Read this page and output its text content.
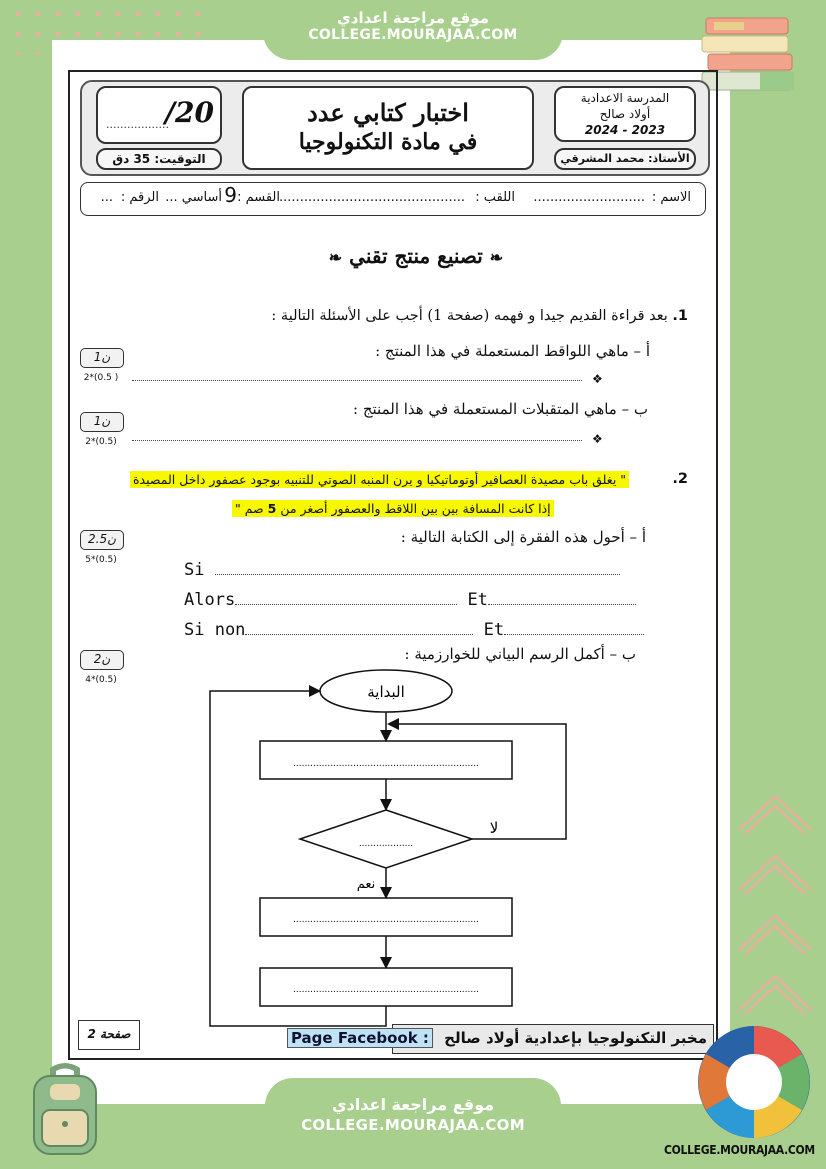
موقع مراجعة اعدادي
COLLEGE.MOURAJAA.COM
..................
/20
التوقيت: 35 دق
اختبار كتابي عدد
في مادة التكنولوجيا
المدرسة الاعدادية
أولاد صالح
2024 - 2023
الأستاذ: محمد المشرقي
الاسم :
...........................
اللقب :
.............................................
القسم :
9
أساسي ...
الرقم :
...
❧ تصنيع منتج تقني ❧
1. بعد قراءة القديم جيدا و فهمه (صفحة 1) أجب على الأسئلة التالية :
أ – ماهي اللواقط المستعملة في هذا المنتج :
1ن
2*(0.5 )	❖
ب – ماهي المتقبلات المستعملة في هذا المنتج :
1ن
2*(0.5)	❖
2.
" يغلق باب مصيدة العصافير أوتوماتيكيا و يرن المنبه الصوتي للتنبيه بوجود عصفور داخل المصيدة
إذا كانت المسافة بين بين اللاقط والعصفور أصغر من 5 صم "
أ – أحول هذه الفقرة إلى الكتابة التالية :
2.5ن
5*(0.5)	Si
Alors	Et
Si non	Et
ب – أكمل الرسم البياني للخوارزمية :
2ن
4*(0.5)
البداية
.................................................................
...................
.................................................................
.................................................................
لا
نعم
صفحة 2	مخبر التكنولوجيا بإعدادية أولاد صالح Page Facebook :
COLLEGE.MOURAJAA.COM
موقع مراجعة اعدادي
COLLEGE.MOURAJAA.COM
